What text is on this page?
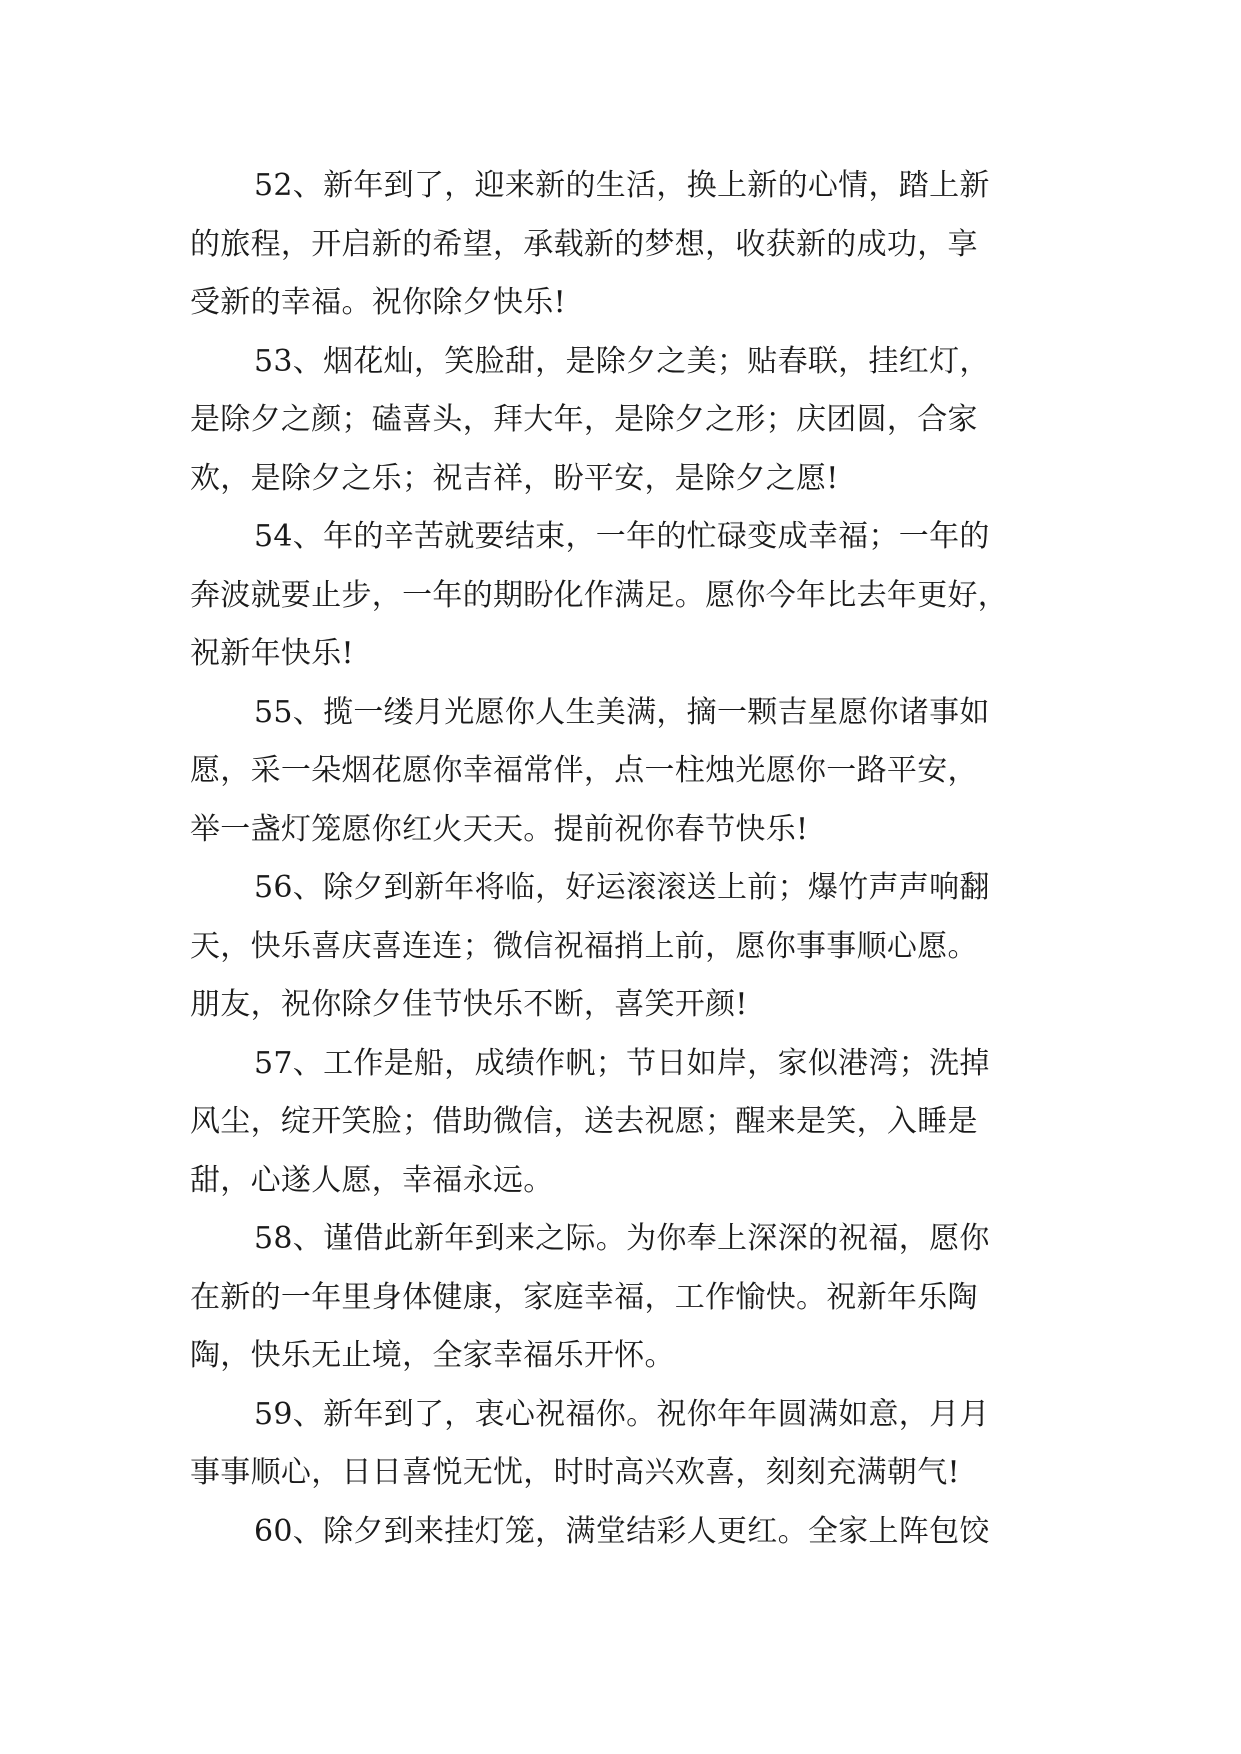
52、新年到了，迎来新的生活，换上新的心情，踏上新
的旅程，开启新的希望，承载新的梦想，收获新的成功，享
受新的幸福。祝你除夕快乐!

53、烟花灿，笑脸甜，是除夕之美；贴春联，挂红灯，
是除夕之颜；磕喜头，拜大年，是除夕之形；庆团圆，合家
欢，是除夕之乐；祝吉祥，盼平安，是除夕之愿!

54、年的辛苦就要结束，一年的忙碌变成幸福；一年的
奔波就要止步，一年的期盼化作满足。愿你今年比去年更好，
祝新年快乐!

55、揽一缕月光愿你人生美满，摘一颗吉星愿你诸事如
愿，采一朵烟花愿你幸福常伴，点一柱烛光愿你一路平安，
举一盏灯笼愿你红火天天。提前祝你春节快乐!

56、除夕到新年将临，好运滚滚送上前；爆竹声声响翻
天，快乐喜庆喜连连；微信祝福捎上前，愿你事事顺心愿。
朋友，祝你除夕佳节快乐不断，喜笑开颜!

57、工作是船，成绩作帆；节日如岸，家似港湾；洗掉
风尘，绽开笑脸；借助微信，送去祝愿；醒来是笑，入睡是
甜，心遂人愿，幸福永远。

58、谨借此新年到来之际。为你奉上深深的祝福，愿你
在新的一年里身体健康，家庭幸福，工作愉快。祝新年乐陶
陶，快乐无止境，全家幸福乐开怀。

59、新年到了，衷心祝福你。祝你年年圆满如意，月月
事事顺心，日日喜悦无忧，时时高兴欢喜，刻刻充满朝气!

60、除夕到来挂灯笼，满堂结彩人更红。全家上阵包饺
